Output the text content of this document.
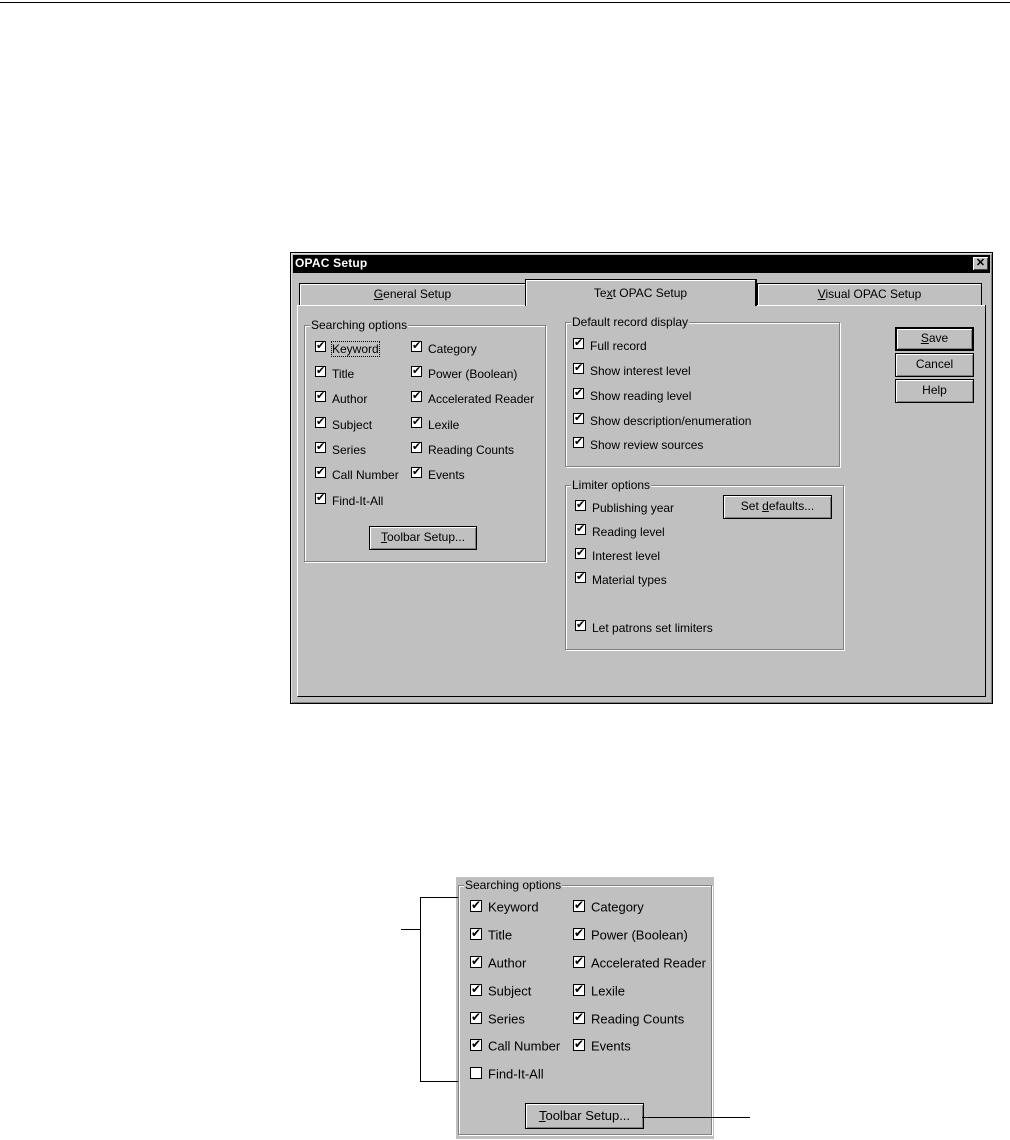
OPAC Setup	✕
General Setup	Text OPAC Setup	Visual OPAC Setup
Searching options
✔Keyword
✔Title
✔Author
✔Subject
✔Series
✔Call Number
✔Find-It-All
✔Category
✔Power (Boolean)
✔Accelerated Reader
✔Lexile
✔Reading Counts
✔Events
Toolbar Setup...
Default record display
✔Full record
✔Show interest level
✔Show reading level
✔Show description/enumeration
✔Show review sources
Limiter options
✔Publishing year
✔Reading level
✔Interest level
✔Material types
✔Let patrons set limiters
Set defaults...
Save
Cancel
Help
Searching options
✔Keyword
✔Title
✔Author
✔Subject
✔Series
✔Call Number
Find-It-All
✔Category
✔Power (Boolean)
✔Accelerated Reader
✔Lexile
✔Reading Counts
✔Events
Toolbar Setup...
